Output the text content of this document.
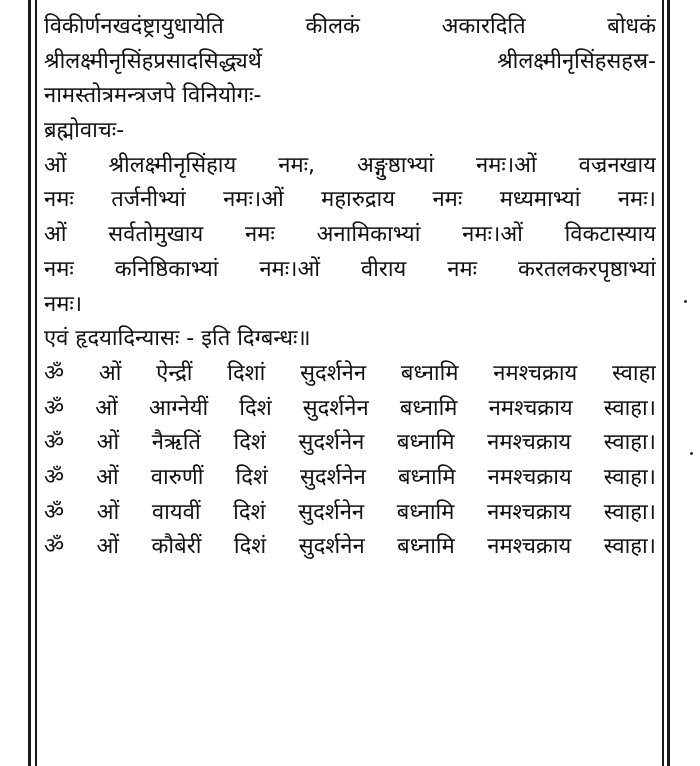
विकीर्णनखदंष्ट्रायुधायेति कीलकं अकारदिति बोधकं
श्रीलक्ष्मीनृसिंहप्रसादसिद्ध्यर्थे श्रीलक्ष्मीनृसिंहसहस्र-
नामस्तोत्रमन्त्रजपे विनियोगः-
ब्रह्मोवाचः-
ओं श्रीलक्ष्मीनृसिंहाय नमः, अङ्गुष्ठाभ्यां नमः।ओं वज्रनखाय
नमः तर्जनीभ्यां नमः।ओं महारुद्राय नमः मध्यमाभ्यां नमः।
ओं सर्वतोमुखाय नमः अनामिकाभ्यां नमः।ओं विकटास्याय
नमः कनिष्ठिकाभ्यां नमः।ओं वीराय नमः करतलकरपृष्ठाभ्यां
नमः।
एवं हृदयादिन्यासः - इति दिग्बन्धः॥
ॐ ओं ऐन्द्रीं दिशां सुदर्शनेन बध्नामि नमश्चक्राय स्वाहा
ॐ ओं आग्नेयीं दिशं सुदर्शनेन बध्नामि नमश्चक्राय स्वाहा।
ॐ ओं नैऋतिं दिशं सुदर्शनेन बध्नामि नमश्चक्राय स्वाहा।
ॐ ओं वारुणीं दिशं सुदर्शनेन बध्नामि नमश्चक्राय स्वाहा।
ॐ ओं वायवीं दिशं सुदर्शनेन बध्नामि नमश्चक्राय स्वाहा।
ॐ ओं कौबेरीं दिशं सुदर्शनेन बध्नामि नमश्चक्राय स्वाहा।
